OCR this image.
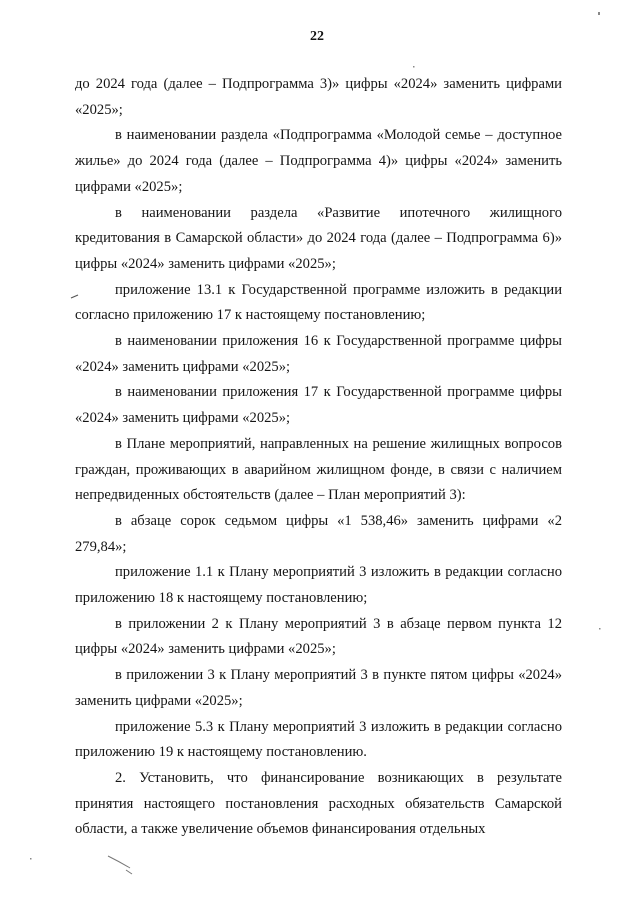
22

до 2024 года (далее – Подпрограмма 3)» цифры «2024» заменить цифрами «2025»;

в наименовании раздела «Подпрограмма «Молодой семье – доступное жилье» до 2024 года (далее – Подпрограмма 4)» цифры «2024» заменить цифрами «2025»;

в наименовании раздела «Развитие ипотечного жилищного кредитования в Самарской области» до 2024 года (далее – Подпрограмма 6)» цифры «2024» заменить цифрами «2025»;

приложение 13.1 к Государственной программе изложить в редакции согласно приложению 17 к настоящему постановлению;

в наименовании приложения 16 к Государственной программе цифры «2024» заменить цифрами «2025»;

в наименовании приложения 17 к Государственной программе цифры «2024» заменить цифрами «2025»;

в Плане мероприятий, направленных на решение жилищных вопросов граждан, проживающих в аварийном жилищном фонде, в связи с наличием непредвиденных обстоятельств (далее – План мероприятий 3):

в абзаце сорок седьмом цифры «1 538,46» заменить цифрами «2 279,84»;

приложение 1.1 к Плану мероприятий 3 изложить в редакции согласно приложению 18 к настоящему постановлению;

в приложении 2 к Плану мероприятий 3 в абзаце первом пункта 12 цифры «2024» заменить цифрами «2025»;

в приложении 3 к Плану мероприятий 3 в пункте пятом цифры «2024» заменить цифрами «2025»;

приложение 5.3 к Плану мероприятий 3 изложить в редакции согласно приложению 19 к настоящему постановлению.

2. Установить, что финансирование возникающих в результате принятия настоящего постановления расходных обязательств Самарской области, а также увеличение объемов финансирования отдельных
